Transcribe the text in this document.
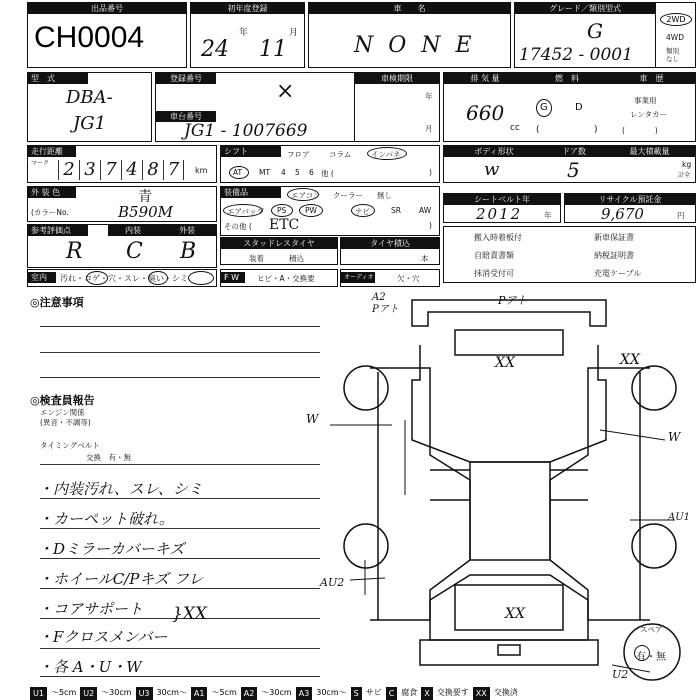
出品番号
CH0004
初年度登録
年	月
24 11
車　　名
N O N E
グレード／類別型式
G
17452 - 0001
2WD
4WD
類別
なし
型　式
DBA-
JG1
登録番号
×
車台番号
JG1 - 1007669
車検期限
年
月
排 気 量
660
cc
燃　料
G	D
(	)
車　歴
事業用
レンタカー
(　　　　)
走行距離
マーク 2 3 7 4 8 7	km
シフト	フロア	コラム	インパネ
AT MT 4 5 6 他 (	)
ボディ形状
w
ドア数
5
最大積載量
kg
計全
外 装 色	青
(カラーNo.	B590M
装備品	エアコン クーラー 無し
エアバッグ PS PW	ナビ	SR AW
その他 ( ETC	)
シートベルト年
2012	年
リサイクル預託金
9,670	円
参考評価点
R
内装
C
外装
B	スタッドレスタイヤ
装着	積込
タイヤ積込
本
搬入時着板付	新車保証書
自賠責書類	納税証明書
抹消受付可	充電ケーブル
室内	汚れ・コゲ・穴・スレ・臭い・シミ	F W	ヒビ・A・交換要	オーディオ	欠・穴
◎注意事項
◎検査員報告
エンジン関係
(異音・不調等)
タイミングベルト
交換　有・無
・内装汚れ、スレ、シミ
・カーペット破れ。
・Dミラーカバーキズ
・ホイールC/Pキズ フレ
・コアサポート
・Fクロスメンバー
}XX
・各 A・U・W
A2
Pアト
Pアト
XX	XX
W
W
AU1
AU2
XX
U2
スペア
有・無
U1 ～5cm U2 ～30cm U3 30cm～ A1 ～5cm A2 ～30cm A3 30cm～ S サビ C 腐食 X 交換要す XX 交換済
